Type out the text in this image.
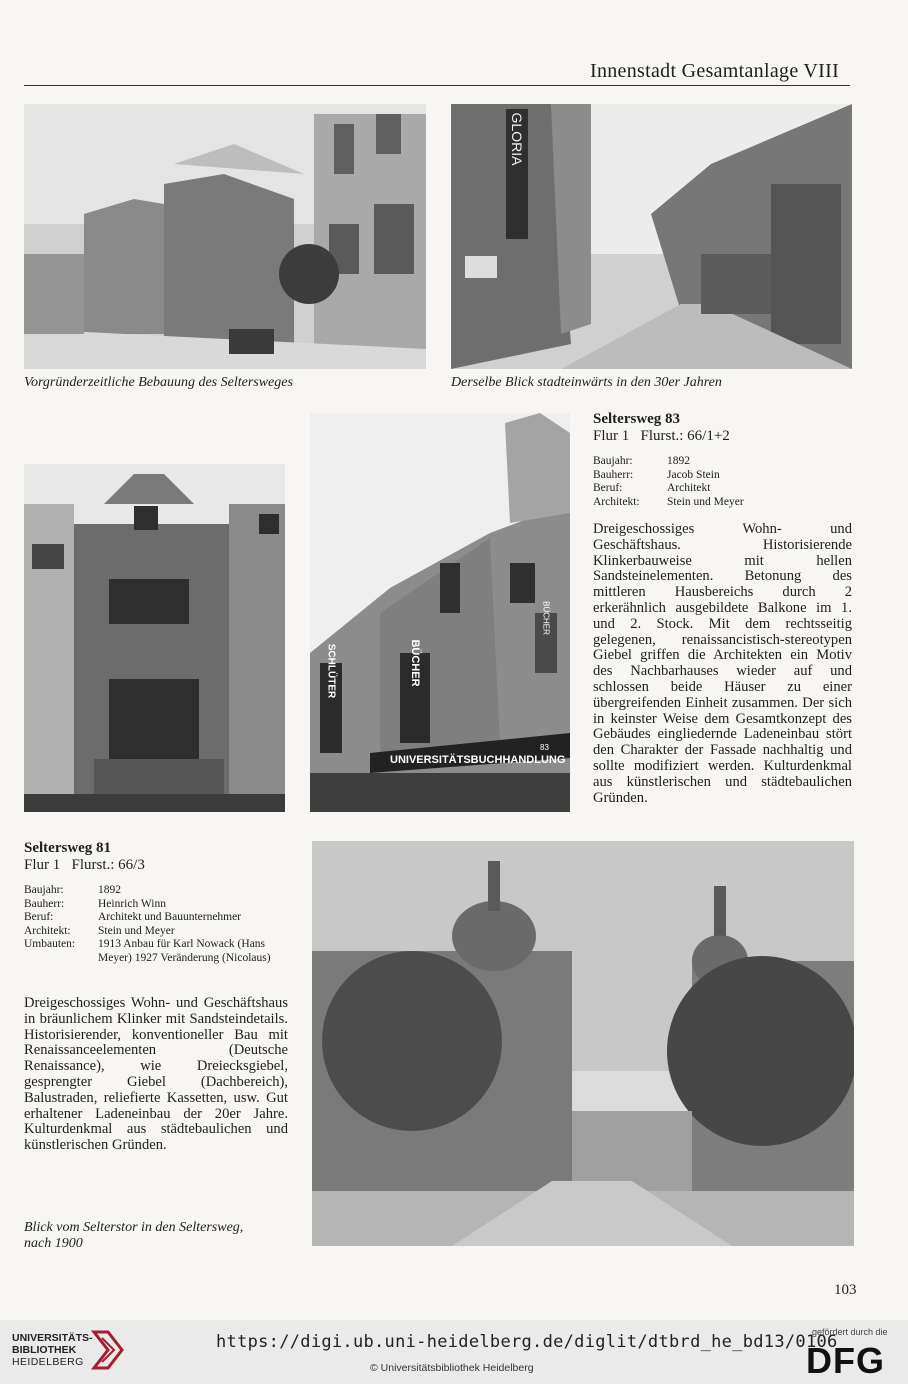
Innenstadt Gesamtanlage VIII
Vorgründerzeitliche Bebauung des Seltersweges
GLORIA
Derselbe Blick stadteinwärts in den 30er Jahren
BÜCHER
SCHLÜTER
BÜCHER
UNIVERSITÄTSBUCHHANDLUNG
83
Seltersweg 83
Flur 1   Flurst.: 66/1+2
Baujahr:	1892
Bauherr:	Jacob Stein
Beruf:	Architekt
Architekt:	Stein und Meyer
Dreigeschossiges Wohn- und Geschäftshaus. Historisierende Klinkerbauweise mit hellen Sandsteinelementen. Betonung des mittleren Hausbereichs durch 2 erkerähnlich ausgebildete Balkone im 1. und 2. Stock. Mit dem rechtsseitig gelegenen, renaissancistisch-stereotypen Giebel griffen die Architekten ein Motiv des Nachbarhauses wieder auf und schlossen beide Häuser zu einer übergreifenden Einheit zusammen. Der sich in keinster Weise dem Gesamtkonzept des Gebäudes eingliedernde Ladeneinbau stört den Charakter der Fassade nachhaltig und sollte modifiziert werden. Kulturdenkmal aus künstlerischen und städtebaulichen Gründen.
Seltersweg 81
Flur 1   Flurst.: 66/3
Baujahr:	1892
Bauherr:	Heinrich Winn
Beruf:	Architekt und Bauunternehmer
Architekt:	Stein und Meyer
Umbauten:	1913 Anbau für Karl Nowack (Hans Meyer) 1927 Veränderung (Nicolaus)
Dreigeschossiges Wohn- und Geschäftshaus in bräunlichem Klinker mit Sandsteindetails. Historisierender, konventioneller Bau mit Renaissanceelementen (Deutsche Renaissance), wie Dreiecksgiebel, gesprengter Giebel (Dachbereich), Balustraden, reliefierte Kassetten, usw. Gut erhaltener Ladeneinbau der 20er Jahre. Kulturdenkmal aus städtebaulichen und künstlerischen Gründen.
Blick vom Selterstor in den Seltersweg,
nach 1900
103
UNIVERSITÄTS-
BIBLIOTHEK
HEIDELBERG
https://digi.ub.uni-heidelberg.de/diglit/dtbrd_he_bd13/0106
© Universitätsbibliothek Heidelberg
gefördert durch die
DFG
